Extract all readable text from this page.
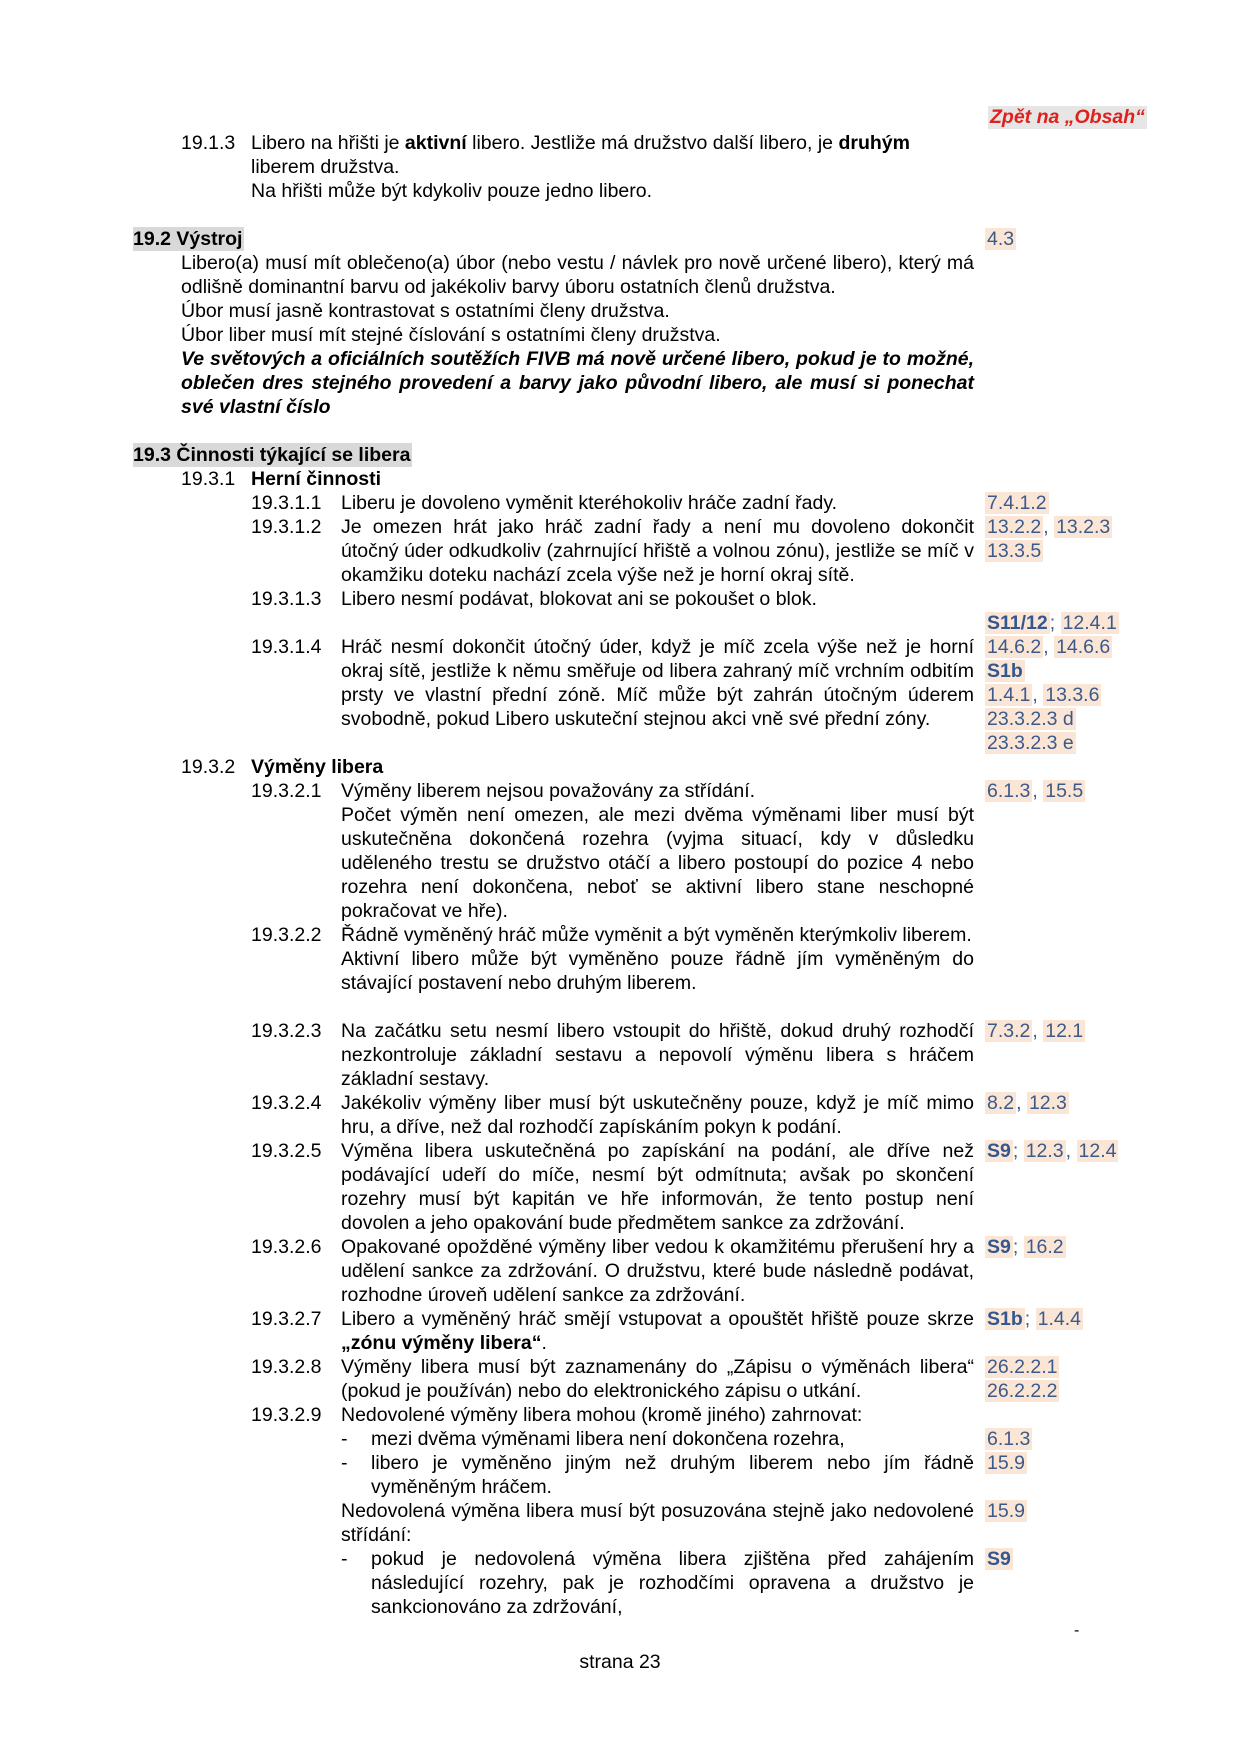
Zpět na „Obsah“
19.1.3 Libero na hřišti je aktivní libero. Jestliže má družstvo další libero, je druhým
liberem družstva.
Na hřišti může být kdykoliv pouze jedno libero.
19.2 Výstroj	4.3

Libero(a) musí mít oblečeno(a) úbor (nebo vestu / návlek pro nově určené libero), který má odlišně dominantní barvu od jakékoliv barvy úboru ostatních členů družstva.

Úbor musí jasně kontrastovat s ostatními členy družstva.

Úbor liber musí mít stejné číslování s ostatními členy družstva.

Ve světových a oficiálních soutěžích FIVB má nově určené libero, pokud je to možné, oblečen dres stejného provedení a barvy jako původní libero, ale musí si ponechat své vlastní číslo

19.3 Činnosti týkající se libera
19.3.1 Herní činnosti
19.3.1.1 Liberu je dovoleno vyměnit kteréhokoliv hráče zadní řady.	7.4.1.2
19.3.1.2 Je omezen hrát jako hráč zadní řady a není mu dovoleno dokončit útočný úder odkudkoliv (zahrnující hřiště a volnou zónu), jestliže se míč v okamžiku doteku nachází zcela výše než je horní okraj sítě.
13.2.2 , 13.2.3
13.3.5
19.3.1.3 Libero nesmí podávat, blokovat ani se pokoušet o blok.
S11/12 ; 12.4.1
19.3.1.4 Hráč nesmí dokončit útočný úder, když je míč zcela výše než je horní okraj sítě, jestliže k němu směřuje od libera zahraný míč vrchním odbitím prsty ve vlastní přední zóně. Míč může být zahrán útočným úderem svobodně, pokud Libero uskuteční stejnou akci vně své přední zóny.
14.6.2 , 14.6.6
S1b
1.4.1 , 13.3.6
23.3.2.3 d
23.3.2.3 e
19.3.2 Výměny libera
19.3.2.1 Výměny liberem nejsou považovány za střídání.

Počet výměn není omezen, ale mezi dvěma výměnami liber musí být uskutečněna dokončená rozehra (vyjma situací, kdy v důsledku uděleného trestu se družstvo otáčí a libero postoupí do pozice 4 nebo rozehra není dokončena, neboť se aktivní libero stane neschopné pokračovat ve hře).

6.1.3 , 15.5
19.3.2.2 Řádně vyměněný hráč může vyměnit a být vyměněn kterýmkoliv liberem.

Aktivní libero může být vyměněno pouze řádně jím vyměněným do stávající postavení nebo druhým liberem.

19.3.2.3 Na začátku setu nesmí libero vstoupit do hřiště, dokud druhý rozhodčí nezkontroluje základní sestavu a nepovolí výměnu libera s hráčem základní sestavy.
7.3.2 , 12.1
19.3.2.4 Jakékoliv výměny liber musí být uskutečněny pouze, když je míč mimo hru, a dříve, než dal rozhodčí zapískáním pokyn k podání.
8.2 , 12.3
19.3.2.5 Výměna libera uskutečněná po zapískání na podání, ale dříve než podávající udeří do míče, nesmí být odmítnuta; avšak po skončení rozehry musí být kapitán ve hře informován, že tento postup není dovolen a jeho opakování bude předmětem sankce za zdržování.
S9 ; 12.3 , 12.4
19.3.2.6 Opakované opožděné výměny liber vedou k okamžitému přerušení hry a udělení sankce za zdržování. O družstvu, které bude následně podávat, rozhodne úroveň udělení sankce za zdržování.
S9 ; 16.2
19.3.2.7 Libero a vyměněný hráč smějí vstupovat a opouštět hřiště pouze skrze „zónu výměny libera“.
S1b ; 1.4.4
19.3.2.8 Výměny libera musí být zaznamenány do „Zápisu o výměnách libera“ (pokud je používán) nebo do elektronického zápisu o utkání.
26.2.2.1
26.2.2.2
19.3.2.9 Nedovolené výměny libera mohou (kromě jiného) zahrnovat:
- mezi dvěma výměnami libera není dokončena rozehra,
- libero je vyměněno jiným než druhým liberem nebo jím řádně vyměněným hráčem.
6.1.3
15.9
Nedovolená výměna libera musí být posuzována stejně jako nedovolené střídání:
15.9
- pokud je nedovolená výměna libera zjištěna před zahájením následující rozehry, pak je rozhodčími opravena a družstvo je sankcionováno za zdržování,
S9
-
strana 23
